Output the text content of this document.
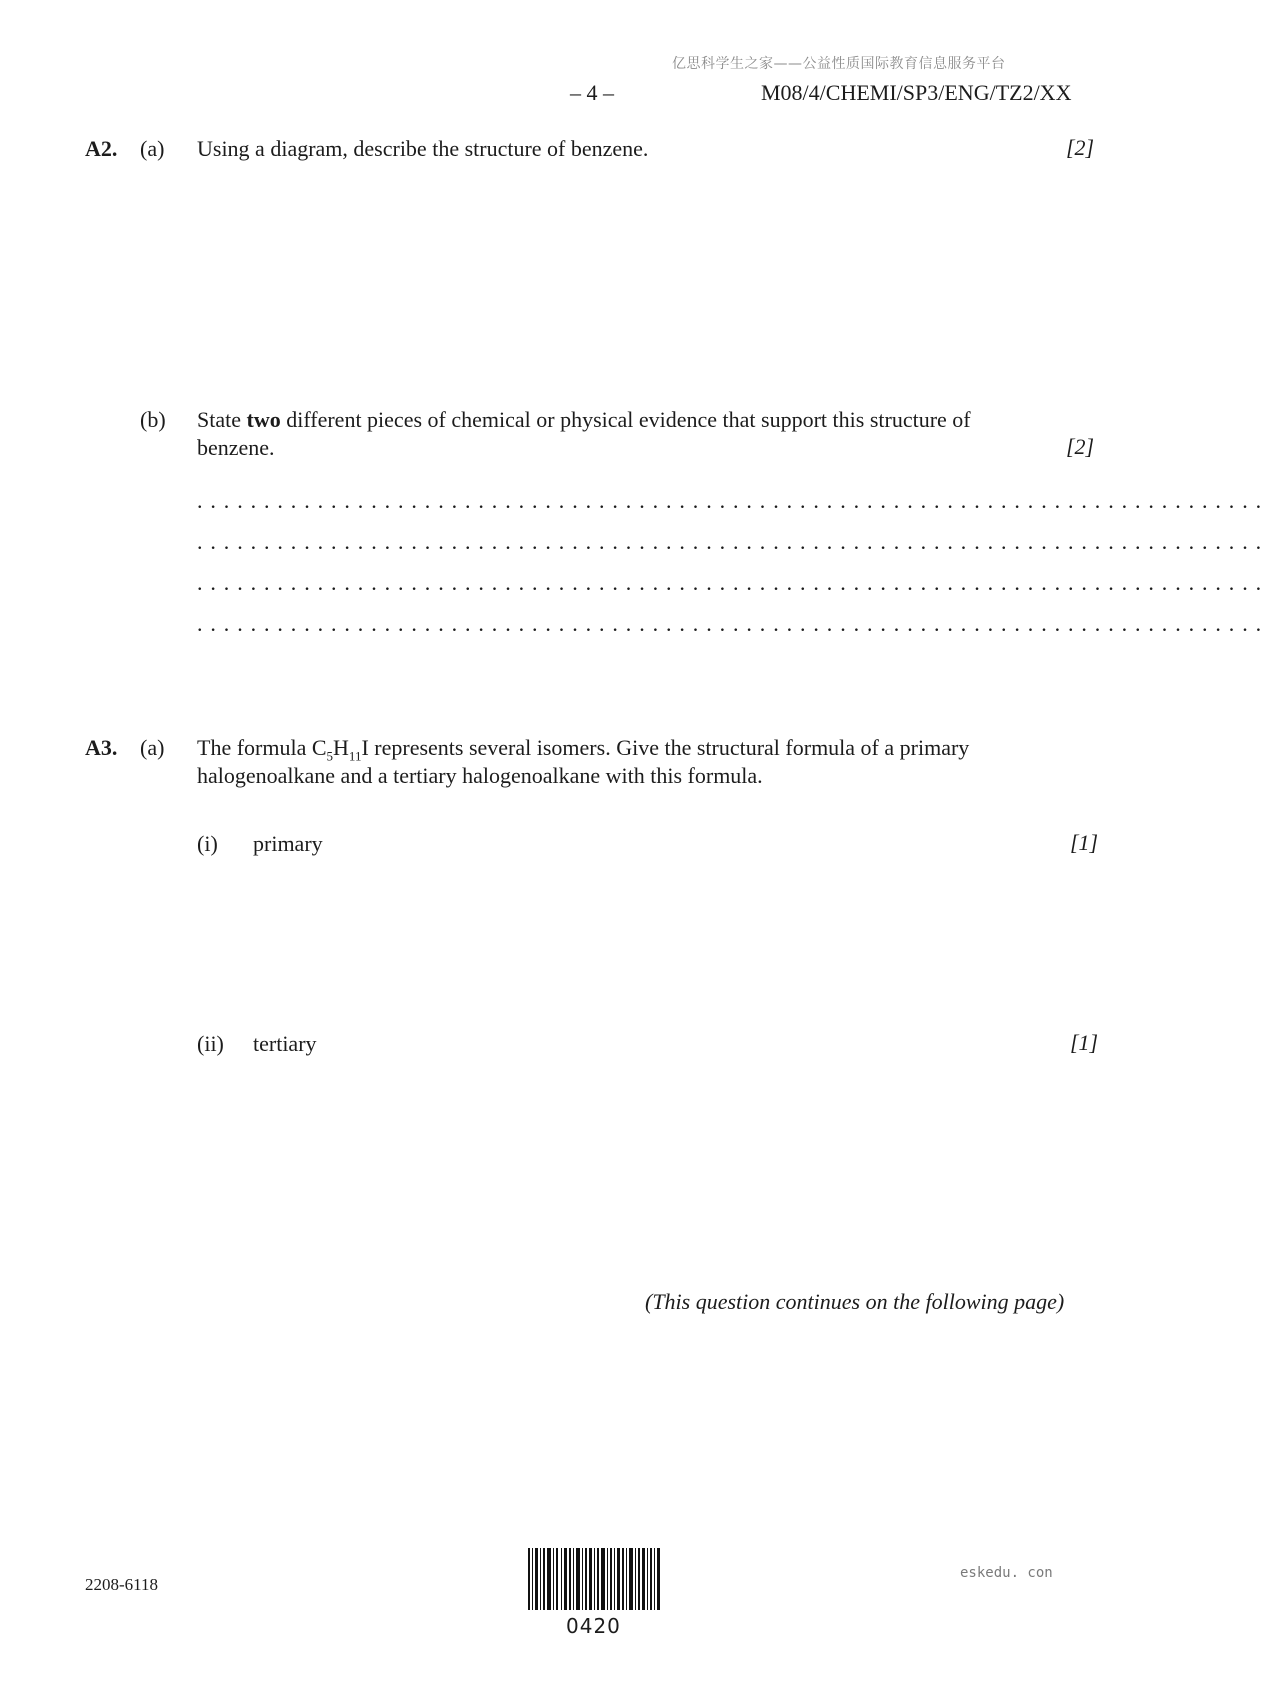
亿思科学生之家——公益性质国际教育信息服务平台
– 4 –	M08/4/CHEMI/SP3/ENG/TZ2/XX
A2. (a) Using a diagram, describe the structure of benzene.	[2]
(b) State two different pieces of chemical or physical evidence that support this structure of
benzene.	[2]
................................................................................
................................................................................
................................................................................
................................................................................
A3. (a) The formula $C_5H_{11}I$ represents several isomers. Give the structural formula of a primary
halogenoalkane and a tertiary halogenoalkane with this formula.
(i) primary	[1]
(ii) tertiary	[1]
(This question continues on the following page)
2208-6118
0420
eskedu. con
